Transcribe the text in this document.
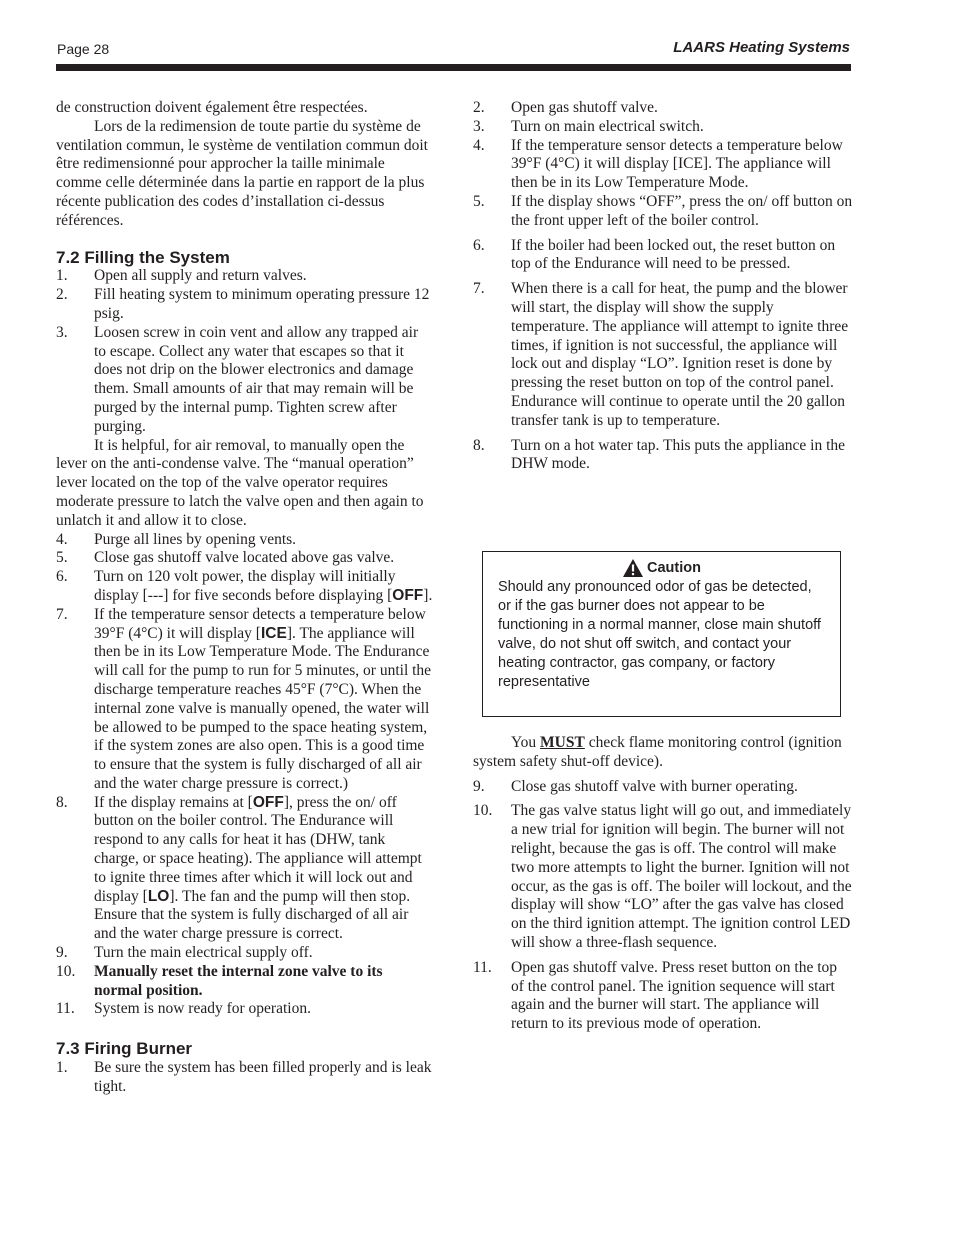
Page 28	LAARS Heating Systems

de construction doivent également être respectées.

Lors de la redimension de toute partie du système de ventilation commun, le système de ventilation commun doit être redimensionné pour approcher la taille minimale comme celle déterminée dans la partie en rapport de la plus récente publication des codes d’installation ci-dessus références.

7.2 Filling the System
1.	Open all supply and return valves.
2.	Fill heating system to minimum operating pressure 12 psig.
3.	Loosen screw in coin vent and allow any trapped air to escape. Collect any water that escapes so that it does not drip on the blower electronics and damage them. Small amounts of air that may remain will be purged by the internal pump. Tighten screw after purging.

It is helpful, for air removal, to manually open the lever on the anti-condense valve. The “manual operation” lever located on the top of the valve operator requires moderate pressure to latch the valve open and then again to unlatch it and allow it to close.

4.	Purge all lines by opening vents.
5.	Close gas shutoff valve located above gas valve.
6.	Turn on 120 volt power, the display will initially display [---] for five seconds before displaying [OFF].
7.	If the temperature sensor detects a temperature below 39°F (4°C) it will display [ICE]. The appliance will then be in its Low Temperature Mode. The Endurance will call for the pump to run for 5 minutes, or until the discharge temperature reaches 45°F (7°C). When the internal zone valve is manually opened, the water will be allowed to be pumped to the space heating system, if the system zones are also open. This is a good time to ensure that the system is fully discharged of all air and the water charge pressure is correct.)
8.	If the display remains at [OFF], press the on/ off button on the boiler control. The Endurance will respond to any calls for heat it has (DHW, tank charge, or space heating). The appliance will attempt to ignite three times after which it will lock out and display [LO]. The fan and the pump will then stop. Ensure that the system is fully discharged of all air and the water charge pressure is correct.
9.	Turn the main electrical supply off.
10.	Manually reset the internal zone valve to its normal position.
11.	System is now ready for operation.
7.3 Firing Burner
1.	Be sure the system has been filled properly and is leak tight.
2.	Open gas shutoff valve.
3.	Turn on main electrical switch.
4.	If the temperature sensor detects a temperature below 39°F (4°C) it will display [ICE]. The appliance will then be in its Low Temperature Mode.
5.	If the display shows “OFF”, press the on/ off button on the front upper left of the boiler control.
6.	If the boiler had been locked out, the reset button on top of the Endurance will need to be pressed.
7.	When there is a call for heat, the pump and the blower will start, the display will show the supply temperature. The appliance will attempt to ignite three times, if ignition is not successful, the appliance will lock out and display “LO”. Ignition reset is done by pressing the reset button on top of the control panel. Endurance will continue to operate until the 20 gallon transfer tank is up to temperature.
8.	Turn on a hot water tap. This puts the appliance in the DHW mode.
Caution
Should any pronounced odor of gas be detected, or if the gas burner does not appear to be functioning in a normal manner, close main shutoff valve, do not shut off switch, and contact your heating contractor, gas company, or factory representative

You MUST check flame monitoring control (ignition system safety shut-off device).

9.	Close gas shutoff valve with burner operating.
10.	The gas valve status light will go out, and immediately a new trial for ignition will begin. The burner will not relight, because the gas is off. The control will make two more attempts to light the burner. Ignition will not occur, as the gas is off. The boiler will lockout, and the display will show “LO” after the gas valve has closed on the third ignition attempt. The ignition control LED will show a three-flash sequence.
11.	Open gas shutoff valve. Press reset button on the top of the control panel. The ignition sequence will start again and the burner will start. The appliance will return to its previous mode of operation.
